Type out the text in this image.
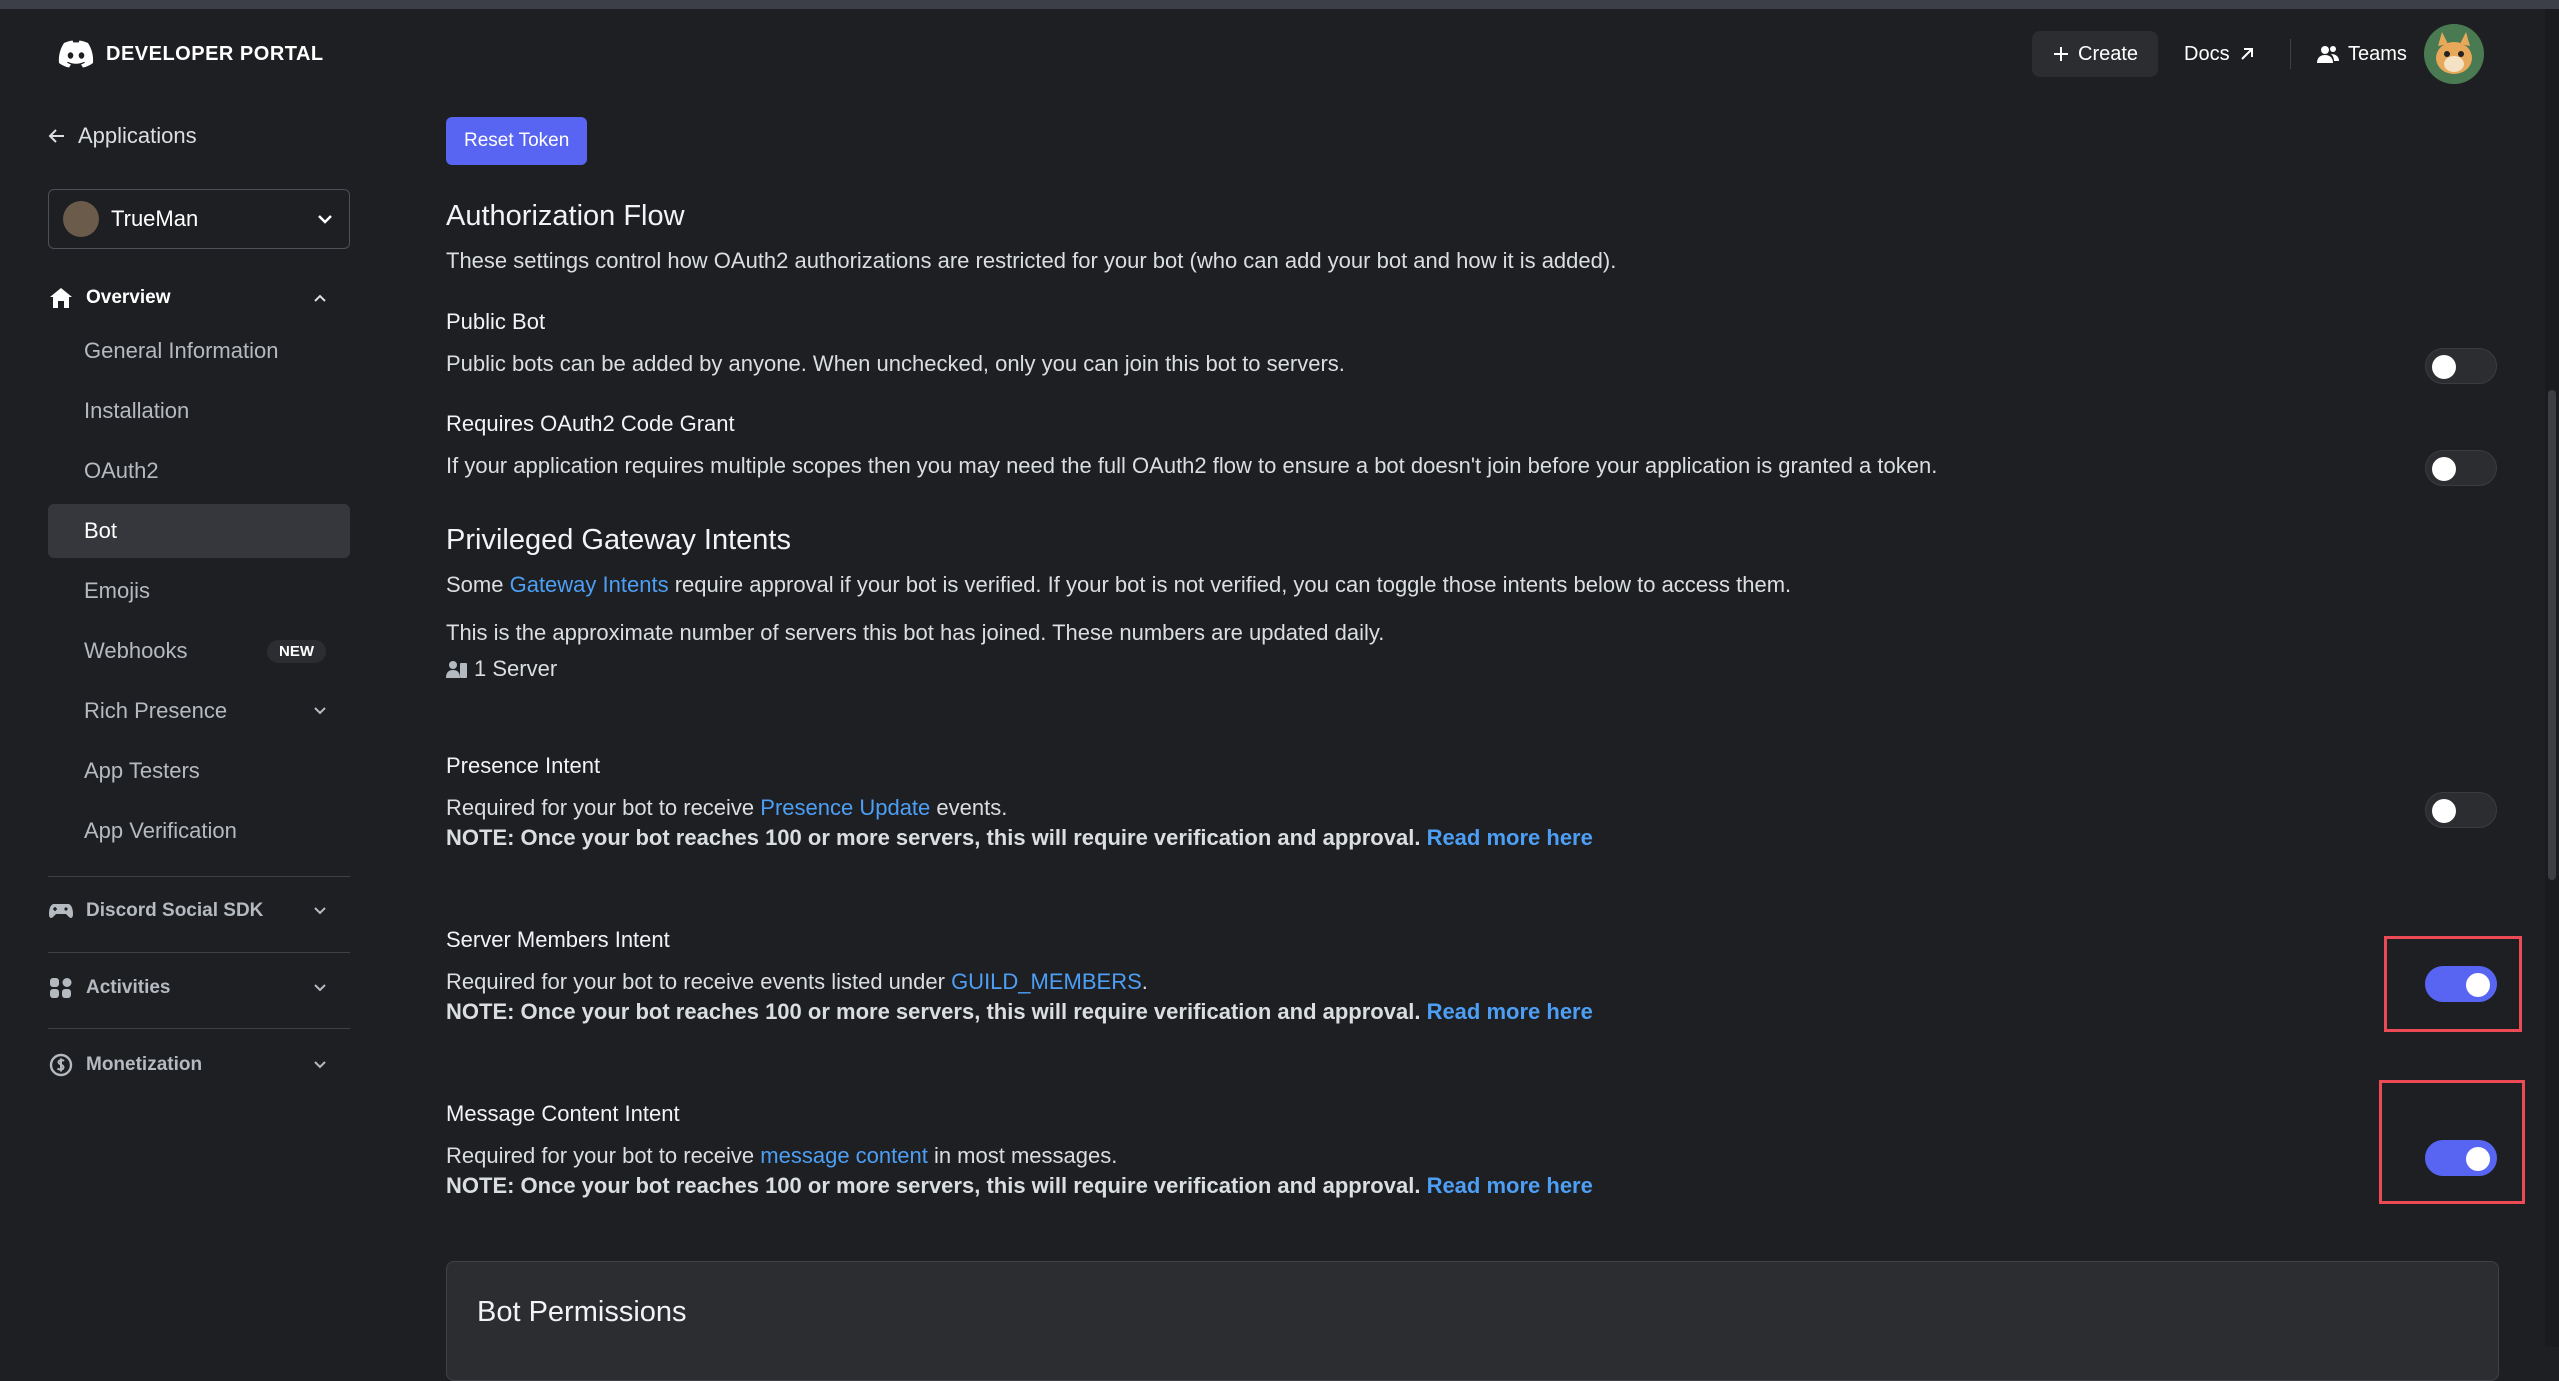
DEVELOPER PORTAL	Create Docs	Teams
Applications
TrueMan
Overview
General Information
Installation
OAuth2
Bot
Emojis
Webhooks	NEW
Rich Presence
App Testers
App Verification
Discord Social SDK
Activities
Monetization
Reset Token
Authorization Flow
These settings control how OAuth2 authorizations are restricted for your bot (who can add your bot and how it is added).
Public Bot
Public bots can be added by anyone. When unchecked, only you can join this bot to servers.
Requires OAuth2 Code Grant
If your application requires multiple scopes then you may need the full OAuth2 flow to ensure a bot doesn't join before your application is granted a token.
Privileged Gateway Intents
Some Gateway Intents require approval if your bot is verified. If your bot is not verified, you can toggle those intents below to access them.
This is the approximate number of servers this bot has joined. These numbers are updated daily.
1 Server
Presence Intent
Required for your bot to receive Presence Update events.
NOTE: Once your bot reaches 100 or more servers, this will require verification and approval. Read more here
Server Members Intent
Required for your bot to receive events listed under GUILD_MEMBERS.
NOTE: Once your bot reaches 100 or more servers, this will require verification and approval. Read more here
Message Content Intent
Required for your bot to receive message content in most messages.
NOTE: Once your bot reaches 100 or more servers, this will require verification and approval. Read more here
Bot Permissions
